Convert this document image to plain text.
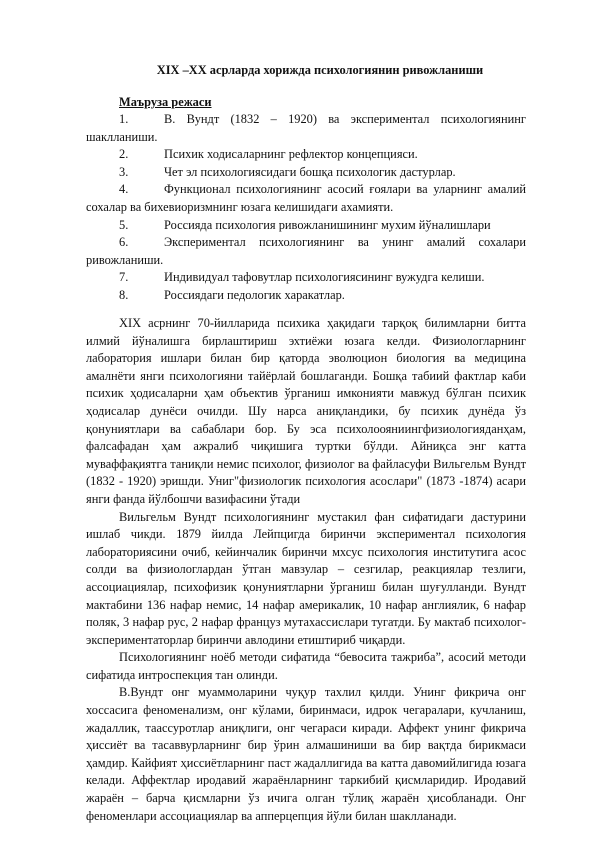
XIX –XX асрларда хорижда психологиянин ривожланиши
Маъруза режаси
1.	В. Вундт (1832 – 1920) ва экспериментал психологиянинг шаклланиши.
2.	Психик ходисаларнинг рефлектор концепцияси.
3.	Чет эл психологиясидаги бошқа психологик дастурлар.
4.	Функционал психологиянинг асосий ғоялари ва уларнинг амалий сохалар ва бихевиоризмнинг юзага келишидаги ахамияти.
5.	Россияда психология ривожланишининг мухим йўналишлари
6.	Экспериментал психологиянинг ва унинг амалий сохалари ривожланиши.
7.	Индивидуал тафовутлар психологиясининг вужудга келиши.
8.	Россиядаги педологик харакатлар.

XIX асрнинг 70-йилларида психика ҳақидаги тарқоқ билимларни битта илмий йўналишга бирлаштириш эхтиёжи юзага келди. Физиологларнинг лаборатория ишлари билан бир қаторда эволюцион биология ва медицина амалнёти янги психологияни тайёрлай бошлаганди. Бошқа табиий фактлар каби психик ҳодисаларни ҳам объектив ўрганиш имконияти мавжуд бўлган психик ҳодисалар дунёси очилди. Шу нарса аниқландики, бу психик дунёда ўз қонуниятлари ва сабаблари бор. Бу эса психолоояниингфизиологияданҳам, фалсафадан ҳам ажралиб чиқишига туртки бўлди. Айниқса энг катта муваффақиятга таниқли немис психолог, физиолог ва файласуфи Вильгельм Вундт (1832 - 1920) эришди. Униг"физиологик психология асослари" (1873 -1874) асари янги фанда йўлбошчи вазифасини ўтади

Вильгельм Вундт психологиянинг мустакил фан сифатидаги дастурини ишлаб чикди. 1879 йилда Лейпцигда биринчи экспериментал психология лабораториясини очиб, кейинчалик биринчи мхсус психология институтига асос солди ва физиологлардан ўтган мавзулар – сезгилар, реакциялар тезлиги, ассоциациялар, психофизик қонуниятларни ўрганиш билан шуғулланди. Вундт мактабини 136 нафар немис, 14 нафар америкалик, 10 нафар англиялик, 6 нафар поляк, 3 нафар рус, 2 нафар француз мутахассислари тугатди. Бу мактаб психолог-экспериментаторлар биринчи авлодини етиштириб чиқарди.

Психологиянинг ноёб методи сифатида “бевосита тажриба”, асосий методи сифатида интроспекция тан олинди.

В.Вундт онг муаммоларини чуқур тахлил қилди. Унинг фикрича онг хоссасига феноменализм, онг кўлами, биринмаси, идрок чегаралари, кучланиш, жадаллик, таассуротлар аниқлиги, онг чегараси киради. Аффект унинг фикрича ҳиссиёт ва тасаввурларнинг бир ўрин алмашиниши ва бир вақтда бирикмаси ҳамдир. Кайфият ҳиссиётларнинг паст жадаллигида ва катта давомийлигида юзага келади. Аффектлар иродавий жараёнларнинг таркибий қисмларидир. Иродавий жараён – барча қисмларни ўз ичига олган тўлиқ жараён ҳисобланади. Онг феноменлари ассоциациялар ва апперцепция йўли билан шаклланади.
